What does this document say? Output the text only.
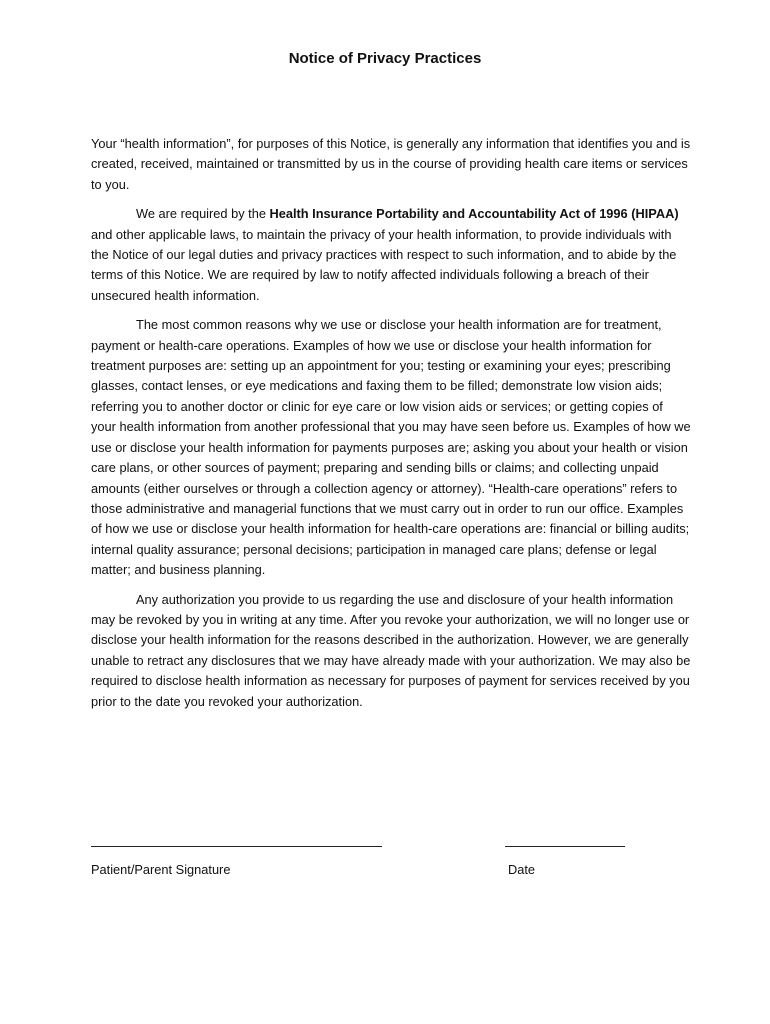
Notice of Privacy Practices

Your “health information”, for purposes of this Notice, is generally any information that identifies you and is created, received, maintained or transmitted by us in the course of providing health care items or services to you.

We are required by the Health Insurance Portability and Accountability Act of 1996 (HIPAA) and other applicable laws, to maintain the privacy of your health information, to provide individuals with the Notice of our legal duties and privacy practices with respect to such information, and to abide by the terms of this Notice. We are required by law to notify affected individuals following a breach of their unsecured health information.

The most common reasons why we use or disclose your health information are for treatment, payment or health-care operations. Examples of how we use or disclose your health information for treatment purposes are: setting up an appointment for you; testing or examining your eyes; prescribing glasses, contact lenses, or eye medications and faxing them to be filled; demonstrate low vision aids; referring you to another doctor or clinic for eye care or low vision aids or services; or getting copies of your health information from another professional that you may have seen before us. Examples of how we use or disclose your health information for payments purposes are; asking you about your health or vision care plans, or other sources of payment; preparing and sending bills or claims; and collecting unpaid amounts (either ourselves or through a collection agency or attorney). “Health-care operations” refers to those administrative and managerial functions that we must carry out in order to run our office. Examples of how we use or disclose your health information for health-care operations are: financial or billing audits; internal quality assurance; personal decisions; participation in managed care plans; defense or legal matter; and business planning.

Any authorization you provide to us regarding the use and disclosure of your health information may be revoked by you in writing at any time. After you revoke your authorization, we will no longer use or disclose your health information for the reasons described in the authorization. However, we are generally unable to retract any disclosures that we may have already made with your authorization. We may also be required to disclose health information as necessary for purposes of payment for services received by you prior to the date you revoked your authorization.

Patient/Parent Signature	Date
